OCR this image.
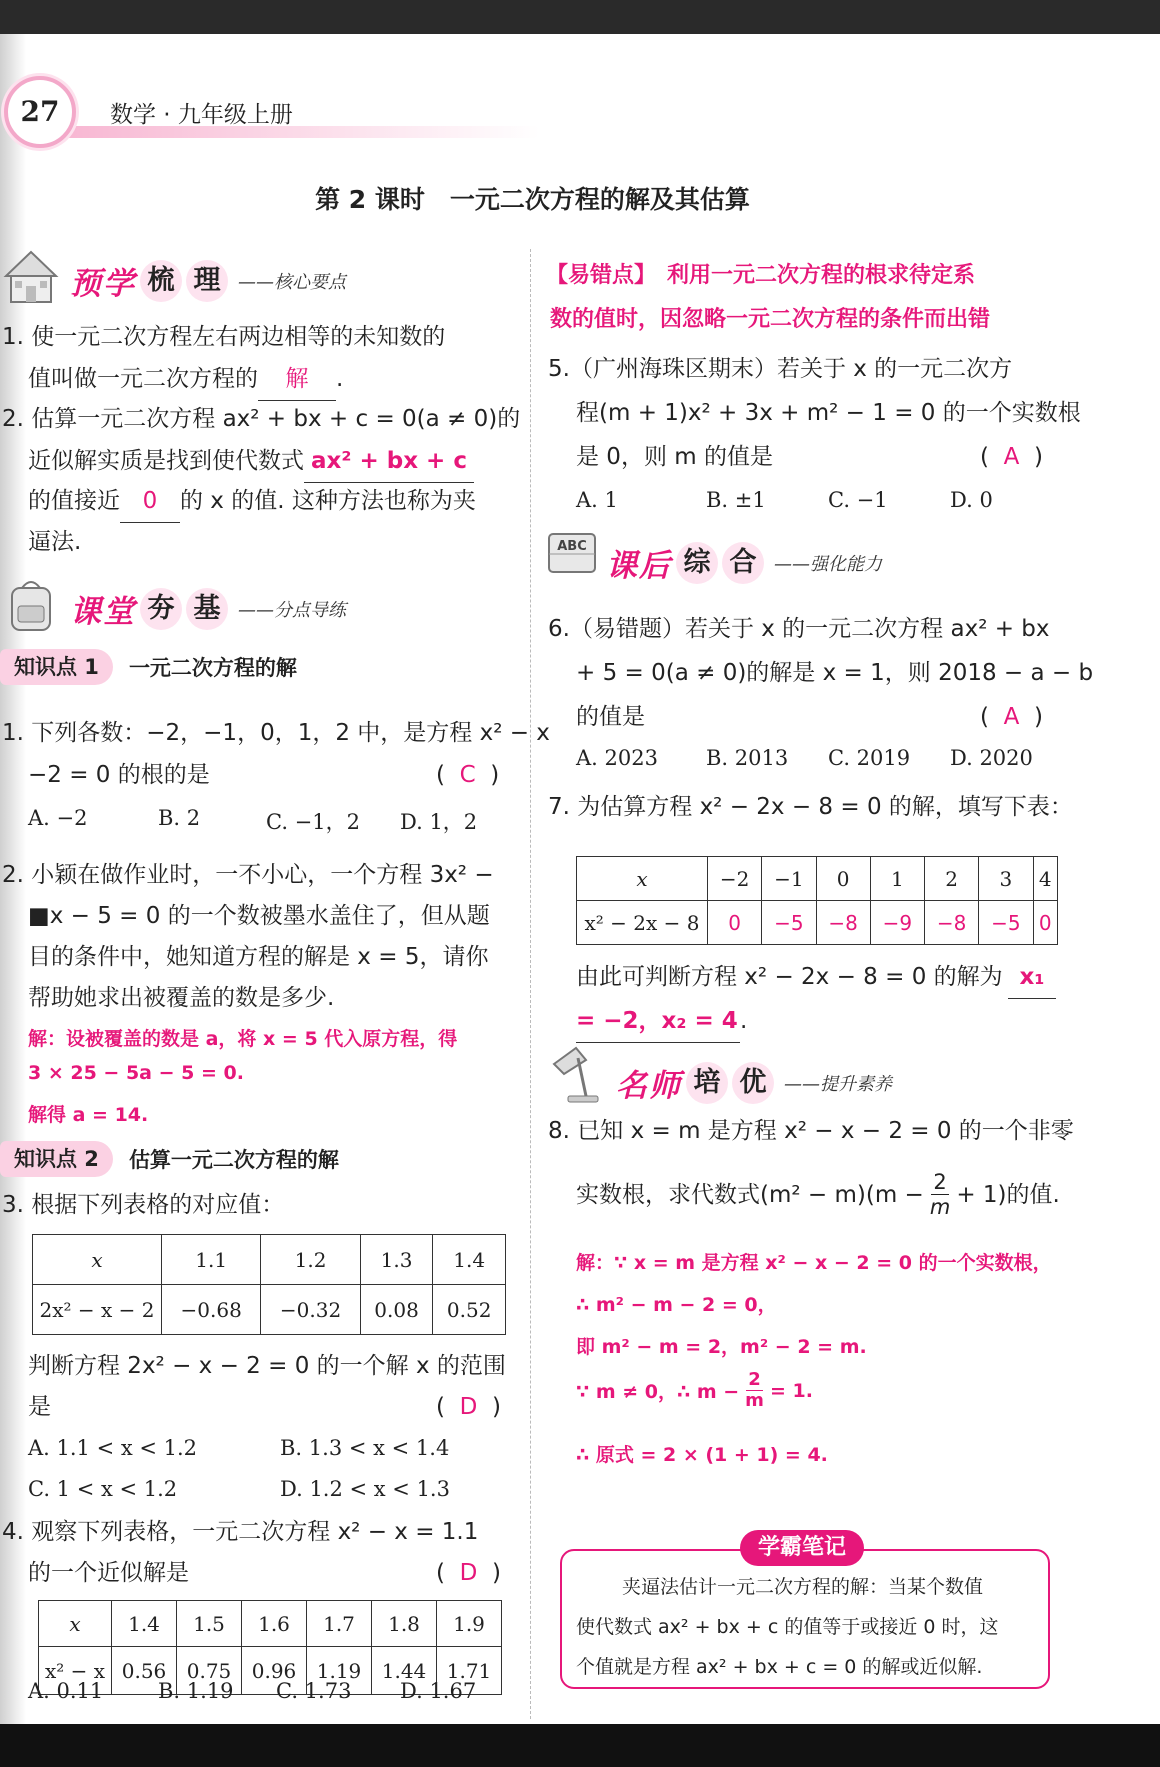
27	数学 · 九年级上册
第 2 课时　一元二次方程的解及其估算
预 学 梳 理 ——核心要点
1. 使一元二次方程左右两边相等的未知数的
值叫做一元二次方程的 解 .
2. 估算一元二次方程 ax² + bx + c = 0(a ≠ 0)的
近似解实质是找到使代数式 ax² + bx + c
的值接近 0 的 x 的值. 这种方法也称为夹
逼法.
课 堂 夯 基 ——分点导练
知识点 1	一元二次方程的解
1. 下列各数：−2，−1，0，1，2 中，是方程 x² − x
−2 = 0 的根的是	( C )
A. −2	B. 2	C. −1，2 D. 1，2
2. 小颖在做作业时，一不小心，一个方程 3x² −
■x − 5 = 0 的一个数被墨水盖住了，但从题
目的条件中，她知道方程的解是 x = 5，请你
帮助她求出被覆盖的数是多少.
解：设被覆盖的数是 a，将 x = 5 代入原方程，得
3 × 25 − 5a − 5 = 0.
解得 a = 14.
知识点 2	估算一元二次方程的解
3. 根据下列表格的对应值：
x	1.1	1.2	1.3	1.4
2x² − x − 2	−0.68	−0.32	0.08	0.52
判断方程 2x² − x − 2 = 0 的一个解 x 的范围
是	( D )
A. 1.1 < x < 1.2	B. 1.3 < x < 1.4
C. 1 < x < 1.2	D. 1.2 < x < 1.3
4. 观察下列表格，一元二次方程 x² − x = 1.1
的一个近似解是	( D )
x	1.4	1.5	1.6	1.7	1.8	1.9
x² − x	0.56	0.75	0.96	1.19	1.44	1.71
A. 0.11	B. 1.19 C. 1.73 D. 1.67
【易错点】　利用一元二次方程的根求待定系
数的值时，因忽略一元二次方程的条件而出错
5.（广州海珠区期末）若关于 x 的一元二次方
程(m + 1)x² + 3x + m² − 1 = 0 的一个实数根
是 0，则 m 的值是	( A )
A. 1	B. ±1	C. −1	D. 0
ABC
课 后 综 合 ——强化能力
6.（易错题）若关于 x 的一元二次方程 ax² + bx
+ 5 = 0(a ≠ 0)的解是 x = 1，则 2018 − a − b
的值是	( A )
A. 2023 B. 2013 C. 2019 D. 2020
7. 为估算方程 x² − 2x − 8 = 0 的解，填写下表：
x	−2	−1	0	1	2	3	4
x² − 2x − 8	0	−5	−8	−9	−8	−5	0
由此可判断方程 x² − 2x − 8 = 0 的解为 x₁
= −2，x₂ = 4.
名 师 培 优 ——提升素养
8. 已知 x = m 是方程 x² − x − 2 = 0 的一个非零
实数根，求代数式$(m^2 - m)(m - \frac{2}{m} + 1)$的值.
解：∵ x = m 是方程 x² − x − 2 = 0 的一个实数根，
∴ m² − m − 2 = 0，
即 m² − m = 2，m² − 2 = m.
∵ m ≠ 0，∴ $m - \frac{2}{m} = 1$.
∴ 原式 = 2 × (1 + 1) = 4.
学霸笔记
夹逼法估计一元二次方程的解：当某个数值
使代数式 ax² + bx + c 的值等于或接近 0 时，这
个值就是方程 ax² + bx + c = 0 的解或近似解.
